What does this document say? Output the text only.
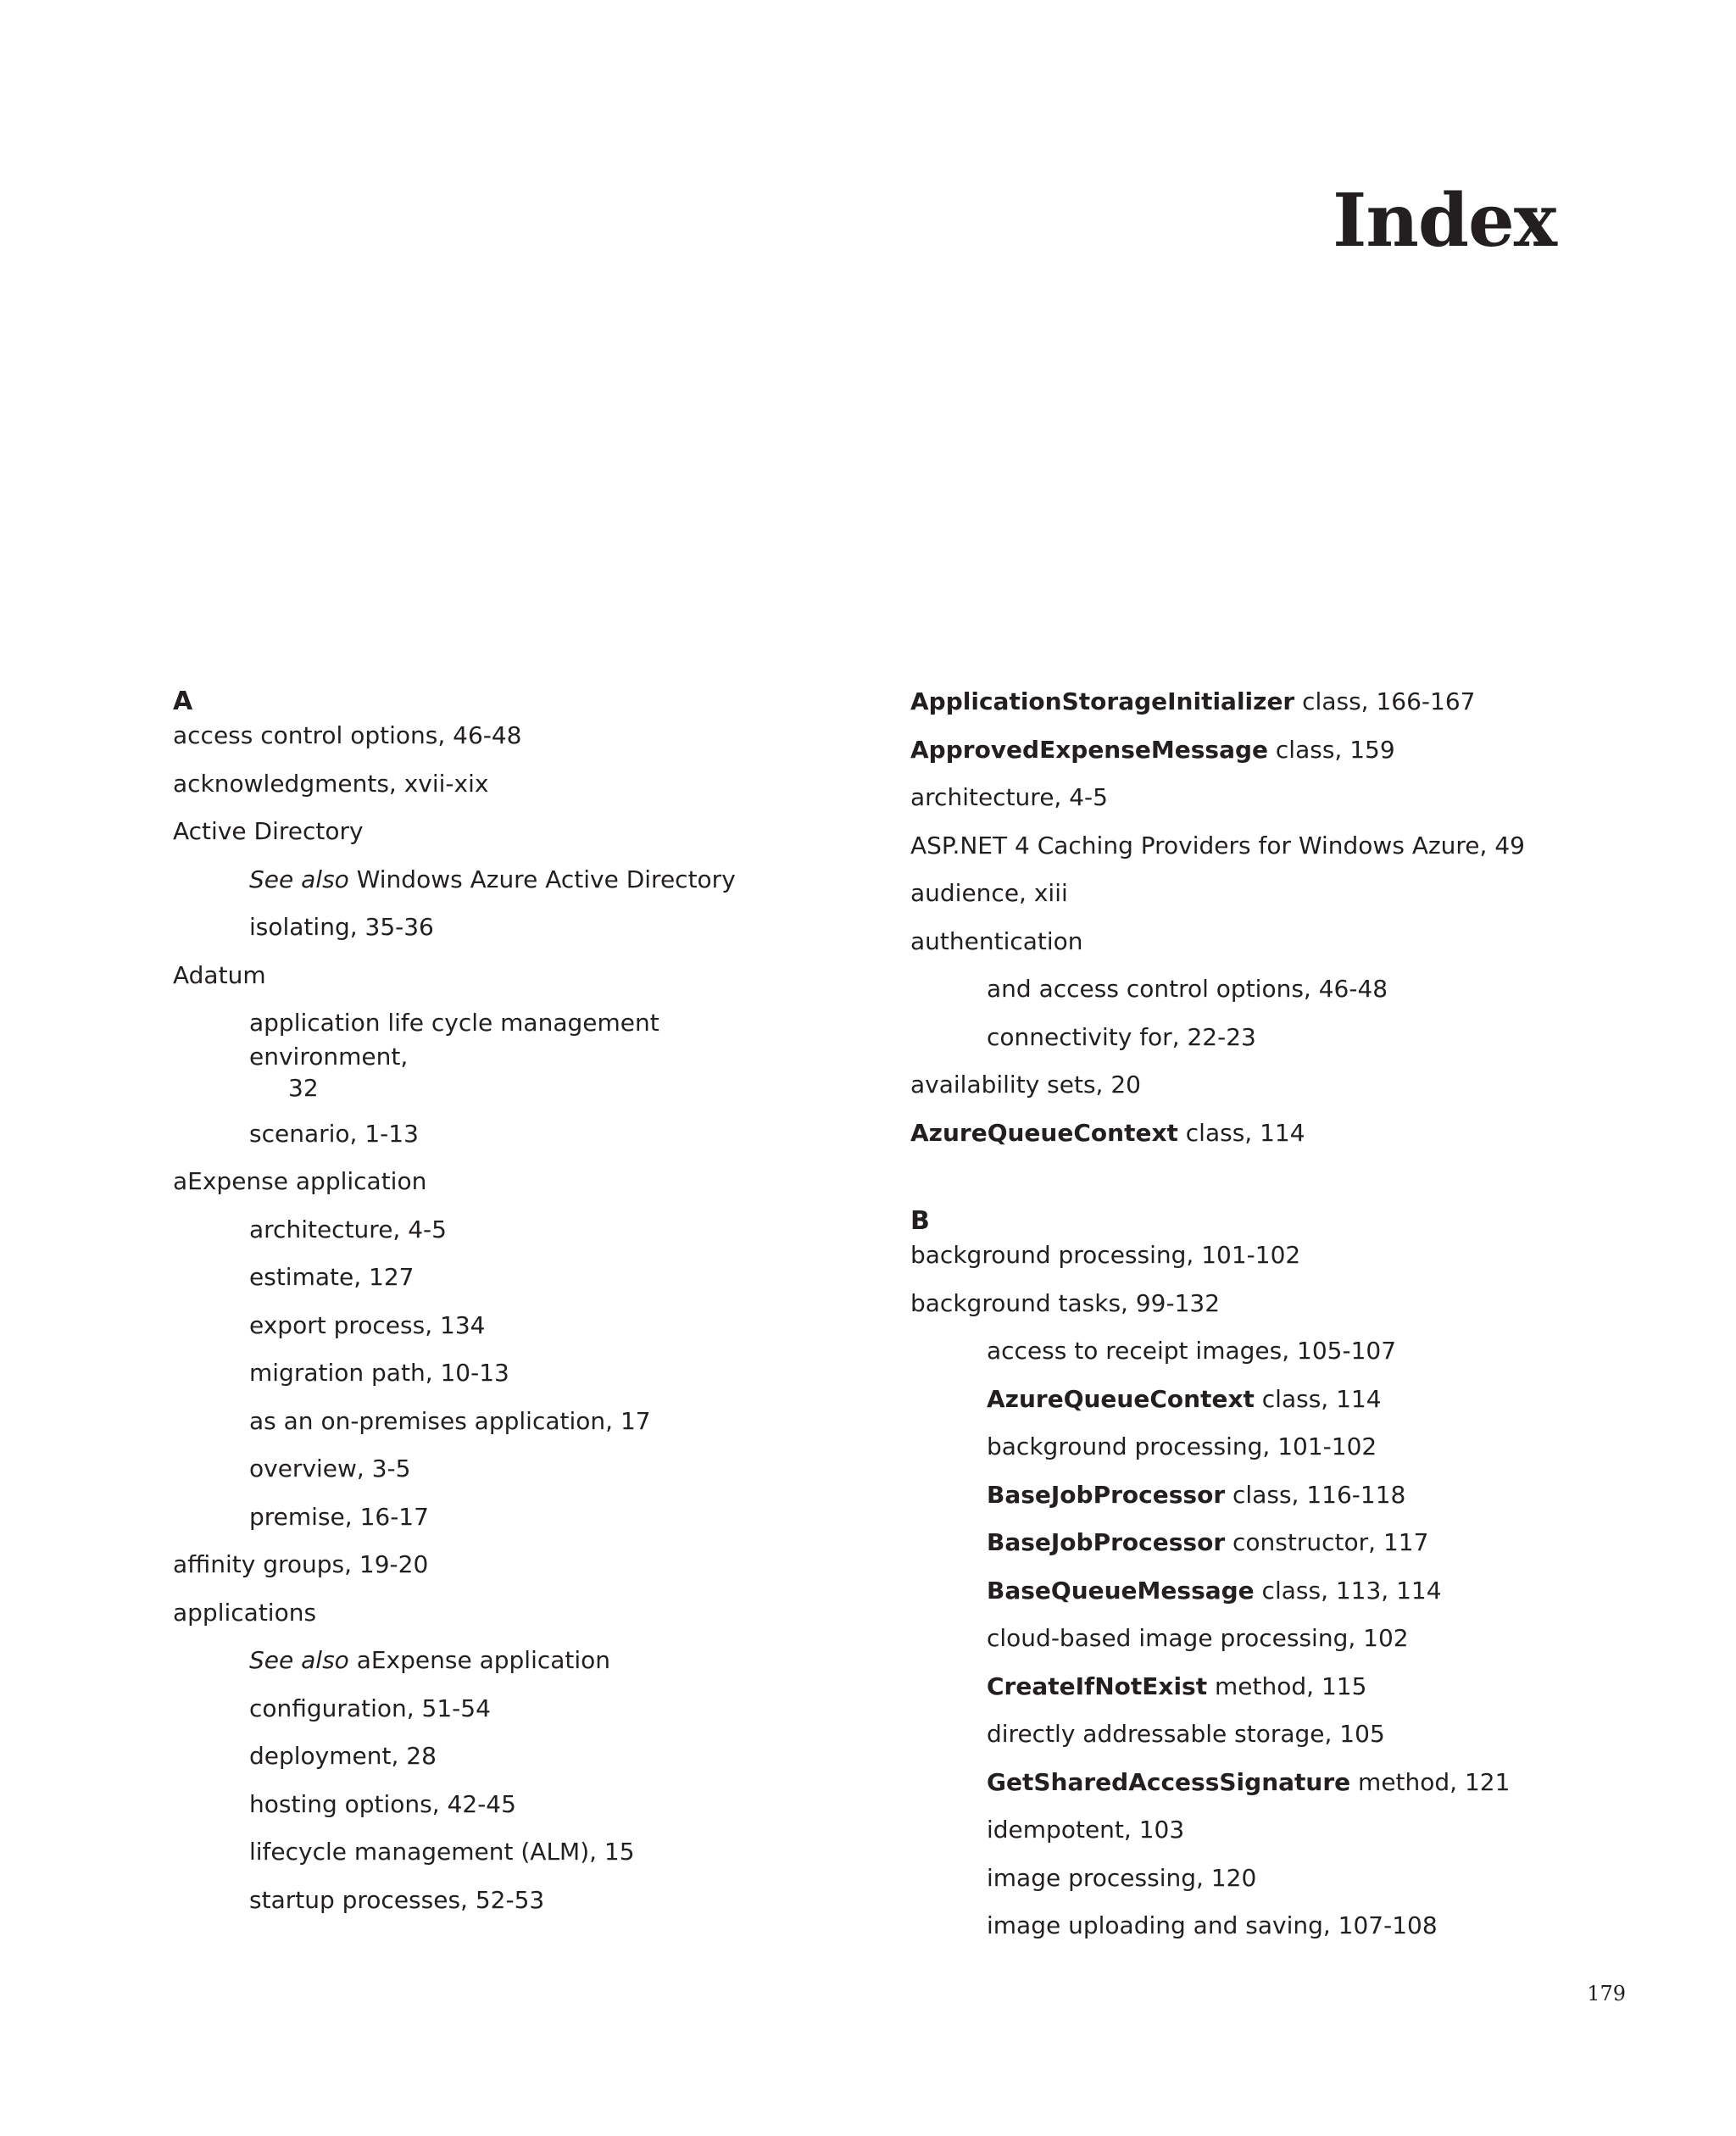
Index
A
access control options, 46-48
acknowledgments, xvii-xix
Active Directory
See also Windows Azure Active Directory
isolating, 35-36
Adatum
application life cycle management environment,
32
scenario, 1-13
aExpense application
architecture, 4-5
estimate, 127
export process, 134
migration path, 10-13
as an on-premises application, 17
overview, 3-5
premise, 16-17
affinity groups, 19-20
applications
See also aExpense application
configuration, 51-54
deployment, 28
hosting options, 42-45
lifecycle management (ALM), 15
startup processes, 52-53
ApplicationStorageInitializer class, 166-167
ApprovedExpenseMessage class, 159
architecture, 4-5
ASP.NET 4 Caching Providers for Windows Azure, 49
audience, xiii
authentication
and access control options, 46-48
connectivity for, 22-23
availability sets, 20
AzureQueueContext class, 114
B
background processing, 101-102
background tasks, 99-132
access to receipt images, 105-107
AzureQueueContext class, 114
background processing, 101-102
BaseJobProcessor class, 116-118
BaseJobProcessor constructor, 117
BaseQueueMessage class, 113, 114
cloud-based image processing, 102
CreateIfNotExist method, 115
directly addressable storage, 105
GetSharedAccessSignature method, 121
idempotent, 103
image processing, 120
image uploading and saving, 107-108
179
